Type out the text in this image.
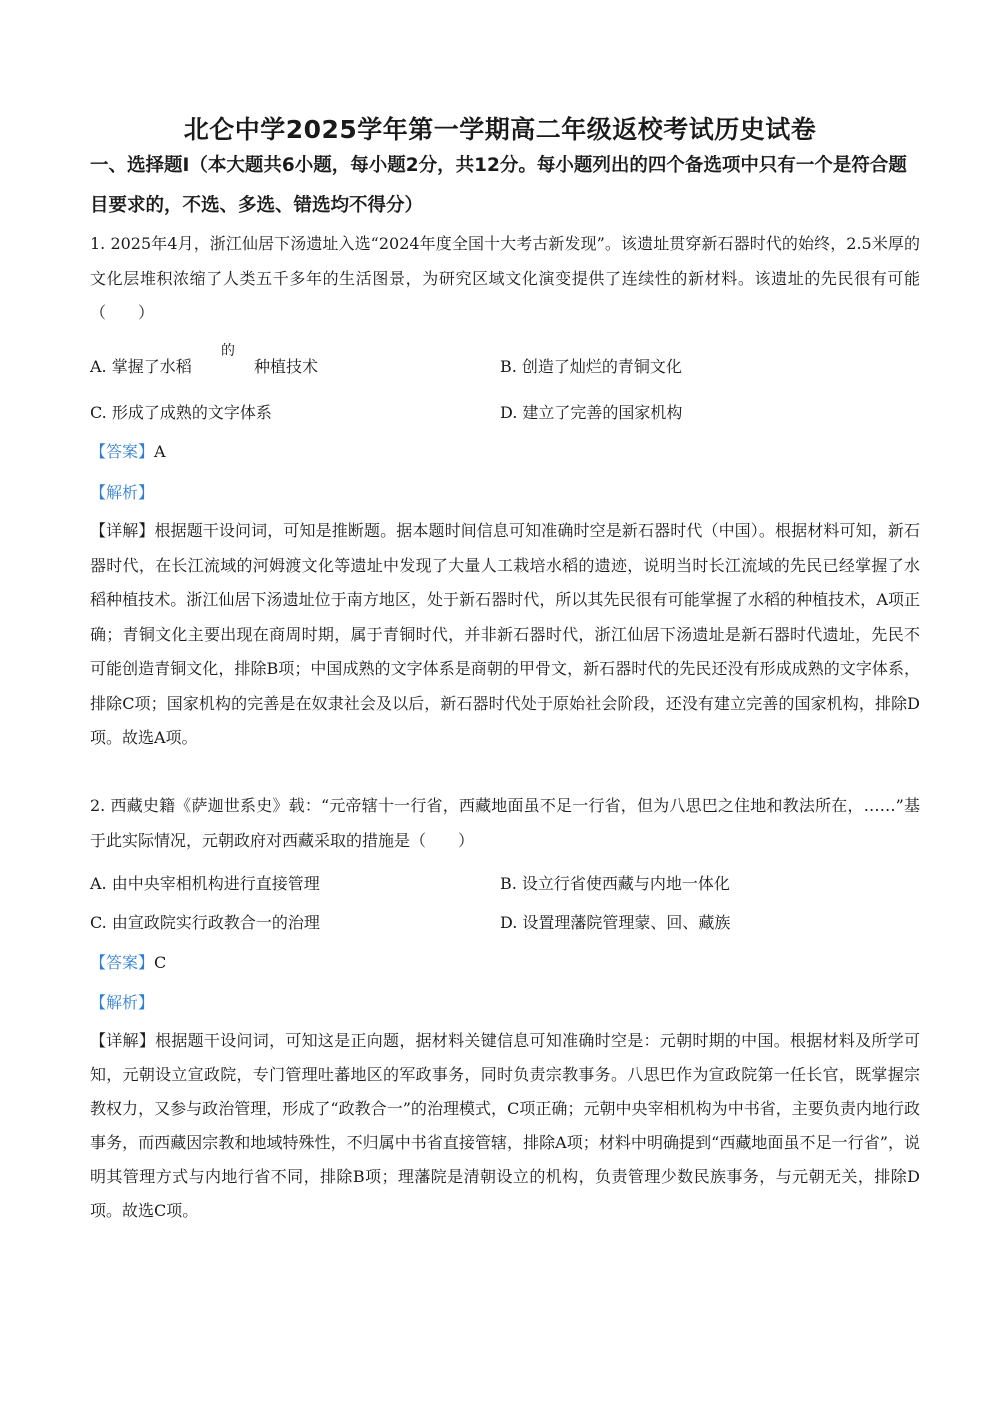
北仑中学2025学年第一学期高二年级返校考试历史试卷
一、选择题Ⅰ（本大题共6小题，每小题2分，共12分。每小题列出的四个备选项中只有一个是符合题目要求的，不选、多选、错选均不得分）
1. 2025年4月，浙江仙居下汤遗址入选“2024年度全国十大考古新发现”。该遗址贯穿新石器时代的始终，2.5米厚的文化层堆积浓缩了人类五千多年的生活图景，为研究区域文化演变提供了连续性的新材料。该遗址的先民很有可能（　　）
A. 掌握了水稻
的
种植技术	B. 创造了灿烂的青铜文化
C. 形成了成熟的文字体系	D. 建立了完善的国家机构
【答案】A
【解析】
【详解】根据题干设问词，可知是推断题。据本题时间信息可知准确时空是新石器时代（中国）。根据材料可知，新石器时代，在长江流域的河姆渡文化等遗址中发现了大量人工栽培水稻的遗迹，说明当时长江流域的先民已经掌握了水稻种植技术。浙江仙居下汤遗址位于南方地区，处于新石器时代，所以其先民很有可能掌握了水稻的种植技术，A项正确；青铜文化主要出现在商周时期，属于青铜时代，并非新石器时代，浙江仙居下汤遗址是新石器时代遗址，先民不可能创造青铜文化，排除B项；中国成熟的文字体系是商朝的甲骨文，新石器时代的先民还没有形成成熟的文字体系，排除C项；国家机构的完善是在奴隶社会及以后，新石器时代处于原始社会阶段，还没有建立完善的国家机构，排除D项。故选A项。
2. 西藏史籍《萨迦世系史》载：“元帝辖十一行省，西藏地面虽不足一行省，但为八思巴之住地和教法所在，……”基于此实际情况，元朝政府对西藏采取的措施是（　　）
A. 由中央宰相机构进行直接管理	B. 设立行省使西藏与内地一体化
C. 由宣政院实行政教合一的治理	D. 设置理藩院管理蒙、回、藏族
【答案】C
【解析】
【详解】根据题干设问词，可知这是正向题，据材料关键信息可知准确时空是：元朝时期的中国。根据材料及所学可知，元朝设立宣政院，专门管理吐蕃地区的军政事务，同时负责宗教事务。八思巴作为宣政院第一任长官，既掌握宗教权力，又参与政治管理，形成了“政教合一”的治理模式，C项正确；元朝中央宰相机构为中书省，主要负责内地行政事务，而西藏因宗教和地域特殊性，不归属中书省直接管辖，排除A项；材料中明确提到“西藏地面虽不足一行省”，说明其管理方式与内地行省不同，排除B项；理藩院是清朝设立的机构，负责管理少数民族事务，与元朝无关，排除D项。故选C项。
